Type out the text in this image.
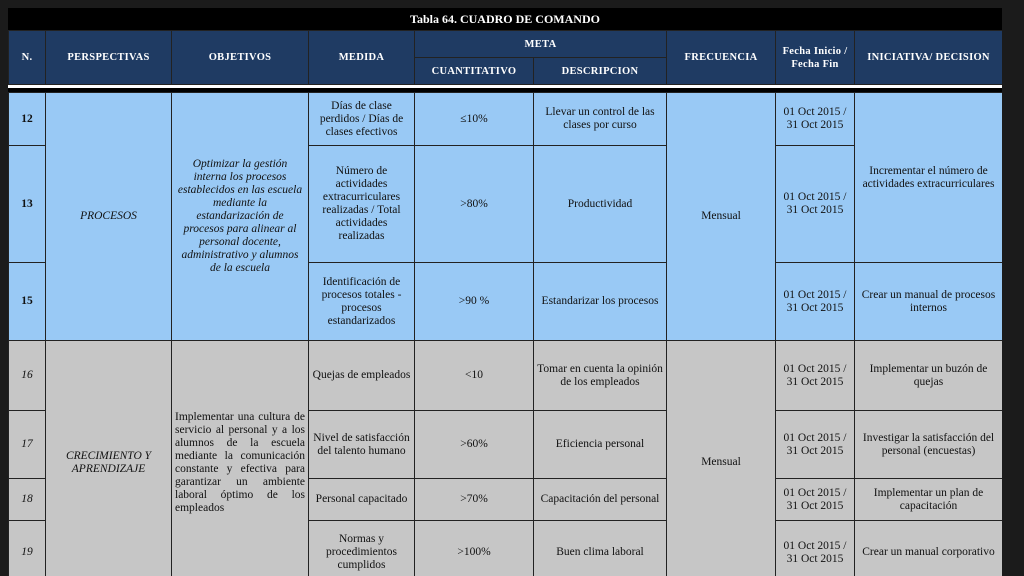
Tabla 64. CUADRO DE COMANDO
N.	PERSPECTIVAS	OBJETIVOS	MEDIDA	META		FRECUENCIA	Fecha Inicio / Fecha Fin	INICIATIVA/ DECISION
				CUANTITATIVO	DESCRIPCION			
12	PROCESOS	Optimizar la gestión interna los procesos establecidos en las escuela mediante la estandarización de procesos para alinear al personal docente, administrativo y alumnos de la escuela	Días de clase perdidos / Días de clases efectivos	≤10%	Llevar un control de las clases por curso	Mensual	01 Oct 2015 / 31 Oct 2015	Incrementar el número de actividades extracurriculares
13			Número de actividades extracurriculares realizadas / Total actividades realizadas	>80%	Productividad		01 Oct 2015 / 31 Oct 2015	
15			Identificación de procesos totales - procesos estandarizados	>90 %	Estandarizar los procesos		01 Oct 2015 / 31 Oct 2015	Crear un manual de procesos internos
16	CRECIMIENTO Y APRENDIZAJE	Implementar una cultura de servicio al personal y a los alumnos de la escuela mediante la comunicación constante y efectiva para garantizar un ambiente laboral óptimo de los empleados	Quejas de empleados	<10	Tomar en cuenta la opinión de los empleados	Mensual	01 Oct 2015 / 31 Oct 2015	Implementar un buzón de quejas
17			Nivel de satisfacción del talento humano	>60%	Eficiencia personal		01 Oct 2015 / 31 Oct 2015	Investigar la satisfacción del personal (encuestas)
18			Personal capacitado	>70%	Capacitación del personal		01 Oct 2015 / 31 Oct 2015	Implementar un plan de capacitación
19			Normas y procedimientos cumplidos	>100%	Buen clima laboral		01 Oct 2015 / 31 Oct 2015	Crear un manual corporativo
